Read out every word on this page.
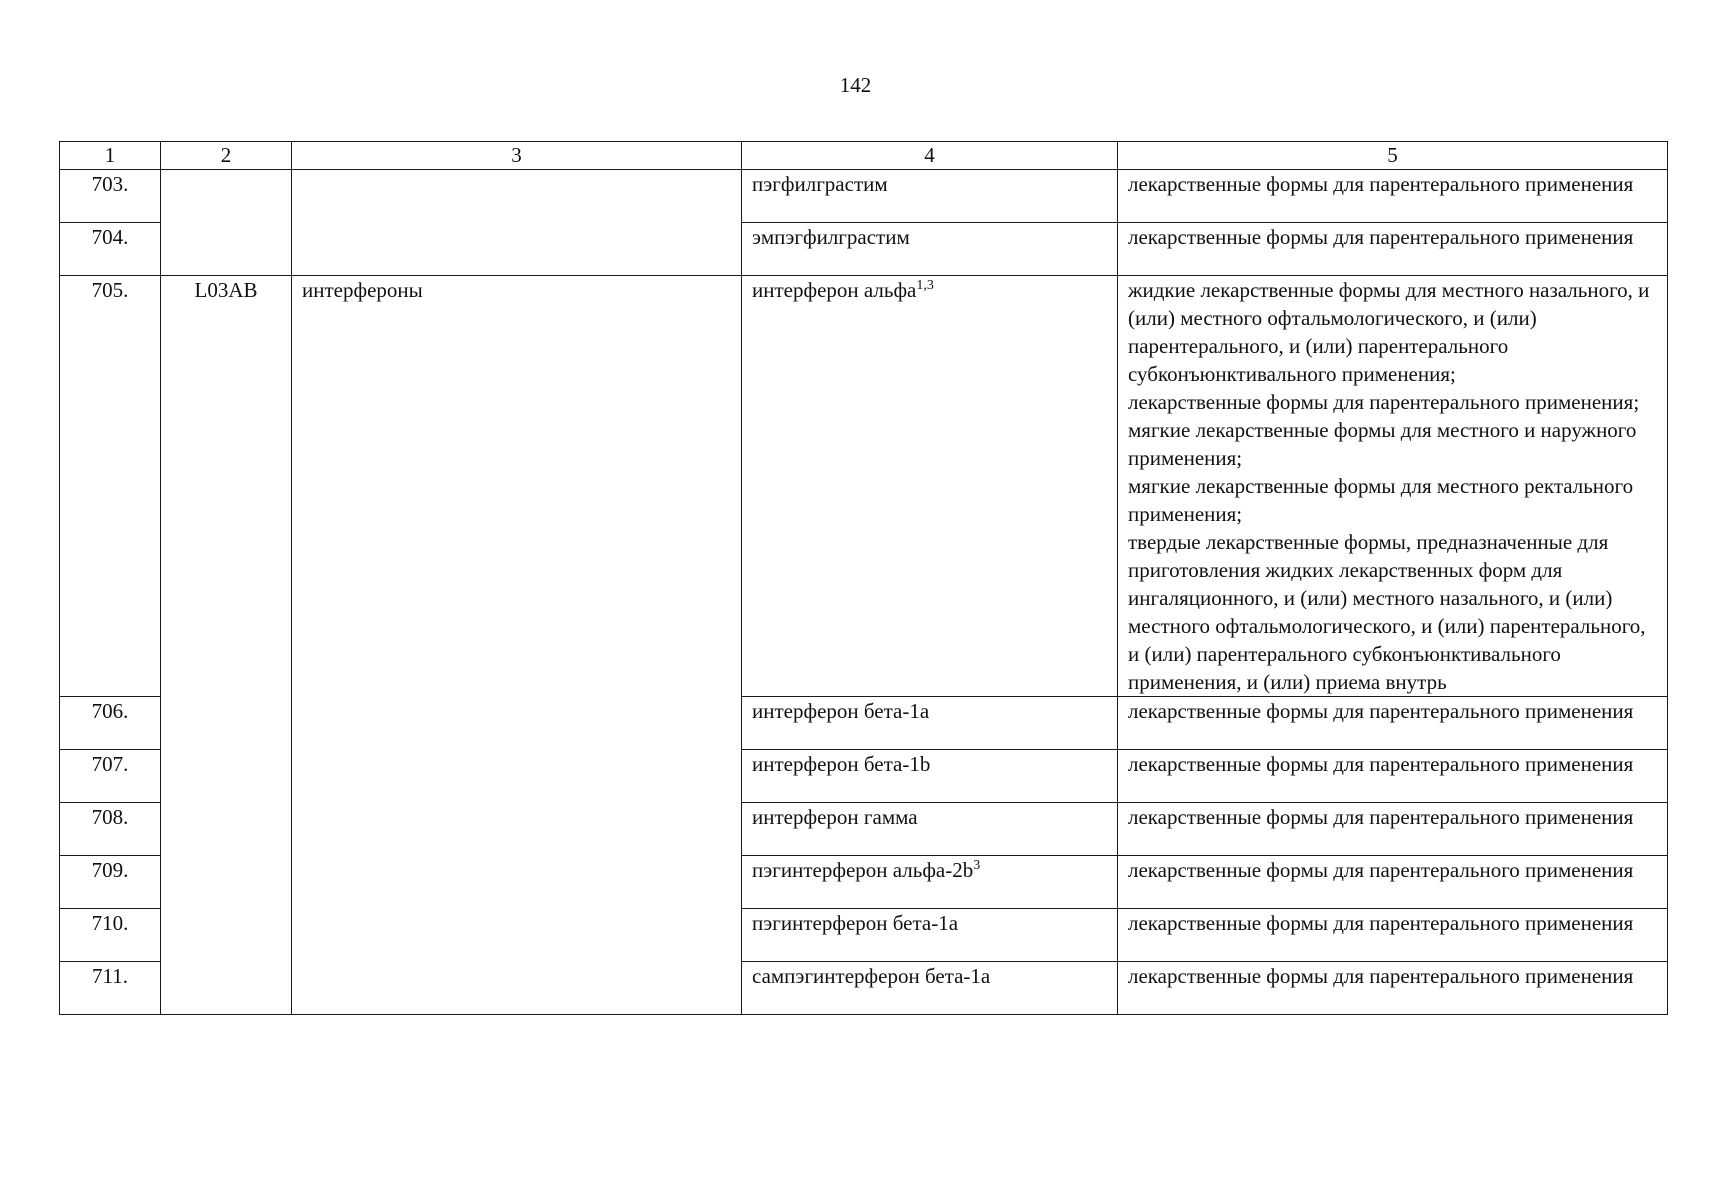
142
1	2	3	4	5
703.			пэгфилграстим	лекарственные формы для парентерального применения

704.			эмпэгфилграстим	лекарственные формы для парентерального применения

705.	L03AB	интерфероны	интерферон альфа$^{1,3}$	жидкие лекарственные формы для местного назального, и (или) местного офтальмологического, и (или) парентерального, и (или) парентерального субконъюнктивального применения;
лекарственные формы для парентерального применения;
мягкие лекарственные формы для местного и наружного применения;
мягкие лекарственные формы для местного ректального применения;
твердые лекарственные формы, предназначенные для приготовления жидких лекарственных форм для ингаляционного, и (или) местного назального, и (или) местного офтальмологического, и (или) парентерального, и (или) парентерального субконъюнктивального применения, и (или) приема внутрь

706.			интерферон бета-1a	лекарственные формы для парентерального применения

707.			интерферон бета-1b	лекарственные формы для парентерального применения

708.			интерферон гамма	лекарственные формы для парентерального применения

709.			пэгинтерферон альфа-$2b^3$	лекарственные формы для парентерального применения

710.			пэгинтерферон бета-1a	лекарственные формы для парентерального применения

711.			сампэгинтерферон бета-1a	лекарственные формы для парентерального применения
